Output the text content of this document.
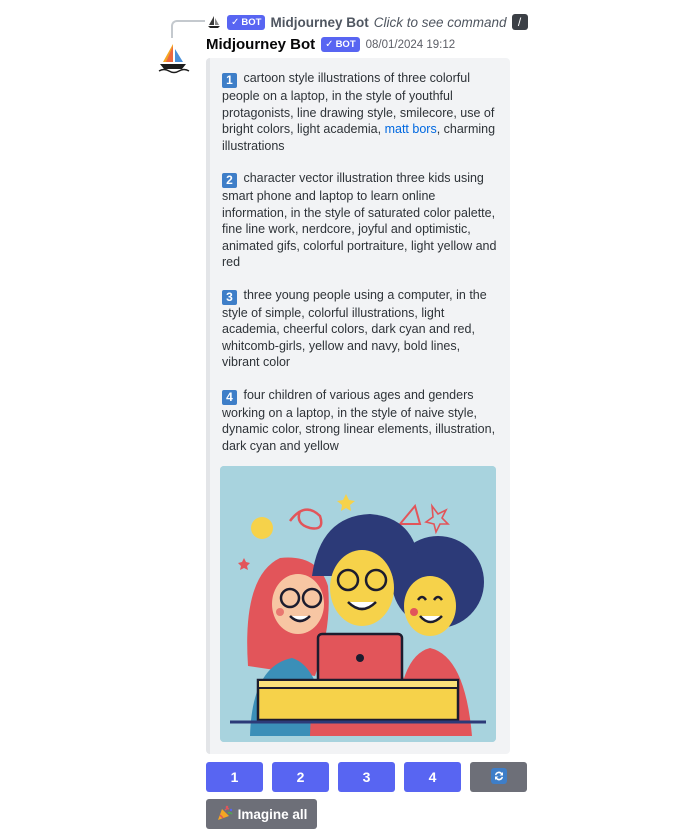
✓ BOT Midjourney Bot Click to see command /
Midjourney Bot ✓ BOT 08/01/2024 19:12

1 cartoon style illustrations of three colorful people on a laptop, in the style of youthful protagonists, line drawing style, smilecore, use of bright colors, light academia, matt bors, charming illustrations

2 character vector illustration three kids using smart phone and laptop to learn online information, in the style of saturated color palette, fine line work, nerdcore, joyful and optimistic, animated gifs, colorful portraiture, light yellow and red

3 three young people using a computer, in the style of simple, colorful illustrations, light academia, cheerful colors, dark cyan and red, whitcomb-girls, yellow and navy, bold lines, vibrant color

4 four children of various ages and genders working on a laptop, in the style of naive style, dynamic color, strong linear elements, illustration, dark cyan and yellow

1	2	3	4
Imagine all
